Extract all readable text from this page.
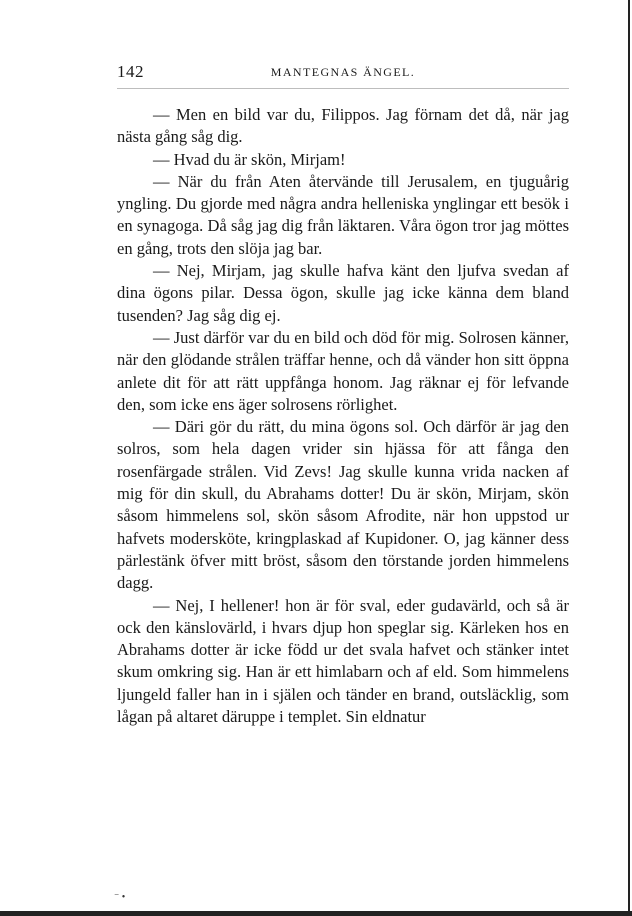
142	MANTEGNAS ÄNGEL.

— Men en bild var du, Filippos. Jag förnam det då, när jag nästa gång såg dig.

— Hvad du är skön, Mirjam!

— När du från Aten återvände till Jerusalem, en tjuguårig yngling. Du gjorde med några andra helleniska ynglingar ett besök i en synagoga. Då såg jag dig från läktaren. Våra ögon tror jag möttes en gång, trots den slöja jag bar.

— Nej, Mirjam, jag skulle hafva känt den ljufva svedan af dina ögons pilar. Dessa ögon, skulle jag icke känna dem bland tusenden? Jag såg dig ej.

— Just därför var du en bild och död för mig. Solrosen känner, när den glödande strålen träffar henne, och då vänder hon sitt öppna anlete dit för att rätt uppfånga honom. Jag räknar ej för lefvande den, som icke ens äger solrosens rörlighet.

— Däri gör du rätt, du mina ögons sol. Och därför är jag den solros, som hela dagen vrider sin hjässa för att fånga den rosenfärgade strålen. Vid Zevs! Jag skulle kunna vrida nacken af mig för din skull, du Abrahams dotter! Du är skön, Mirjam, skön såsom himmelens sol, skön såsom Afrodite, när hon uppstod ur hafvets modersköte, kringplaskad af Kupidoner. O, jag känner dess pärlestänk öfver mitt bröst, såsom den törstande jorden himmelens dagg.

— Nej, I hellener! hon är för sval, eder gudavärld, och så är ock den känslovärld, i hvars djup hon speglar sig. Kärleken hos en Abrahams dotter är icke född ur det svala hafvet och stänker intet skum omkring sig. Han är ett himlabarn och af eld. Som himmelens ljungeld faller han in i själen och tänder en brand, outsläcklig, som lågan på altaret däruppe i templet. Sin eldnatur

⁻ •
